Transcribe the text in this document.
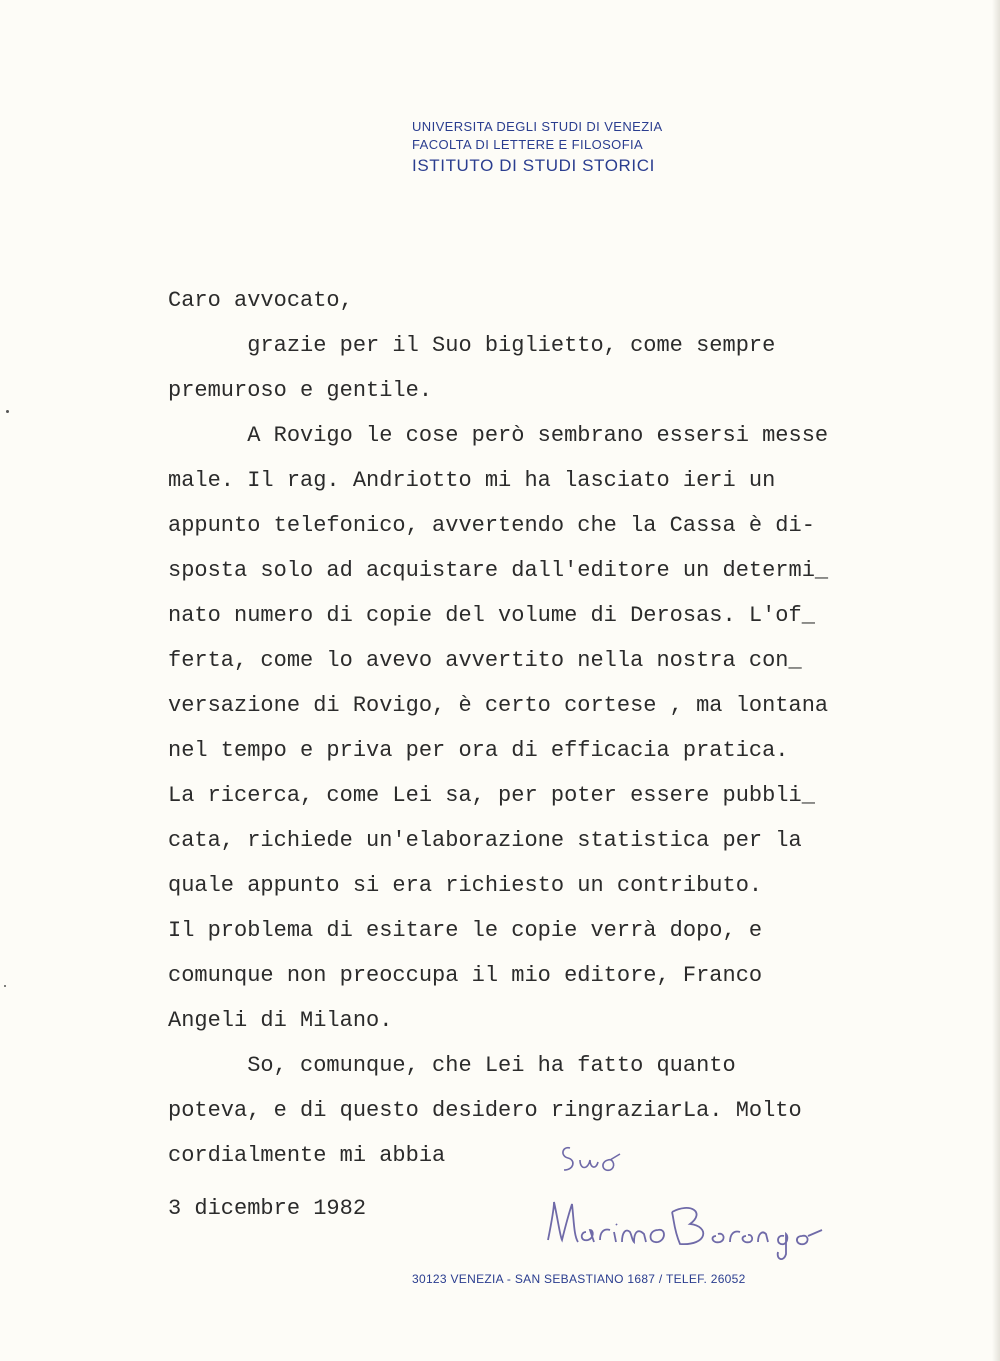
UNIVERSITA DEGLI STUDI DI VENEZIA
FACOLTA DI LETTERE E FILOSOFIA
ISTITUTO DI STUDI STORICI

Caro avvocato,

grazie per il Suo biglietto, come sempre

premuroso e gentile.

A Rovigo le cose però sembrano essersi messe

male. Il rag. Andriotto mi ha lasciato ieri un

appunto telefonico, avvertendo che la Cassa è di-

sposta solo ad acquistare dall'editore un determi_

nato numero di copie del volume di Derosas. L'of_

ferta, come lo avevo avvertito nella nostra con_

versazione di Rovigo, è certo cortese , ma lontana

nel tempo e priva per ora di efficacia pratica.

La ricerca, come Lei sa, per poter essere pubbli_

cata, richiede un'elaborazione statistica per la

quale appunto si era richiesto un contributo.

Il problema di esitare le copie verrà dopo, e

comunque non preoccupa il mio editore, Franco

Angeli di Milano.

So, comunque, che Lei ha fatto quanto

poteva, e di questo desidero ringraziarLa. Molto

cordialmente mi abbia

3 dicembre 1982
30123 VENEZIA - SAN SEBASTIANO 1687 / TELEF. 26052
